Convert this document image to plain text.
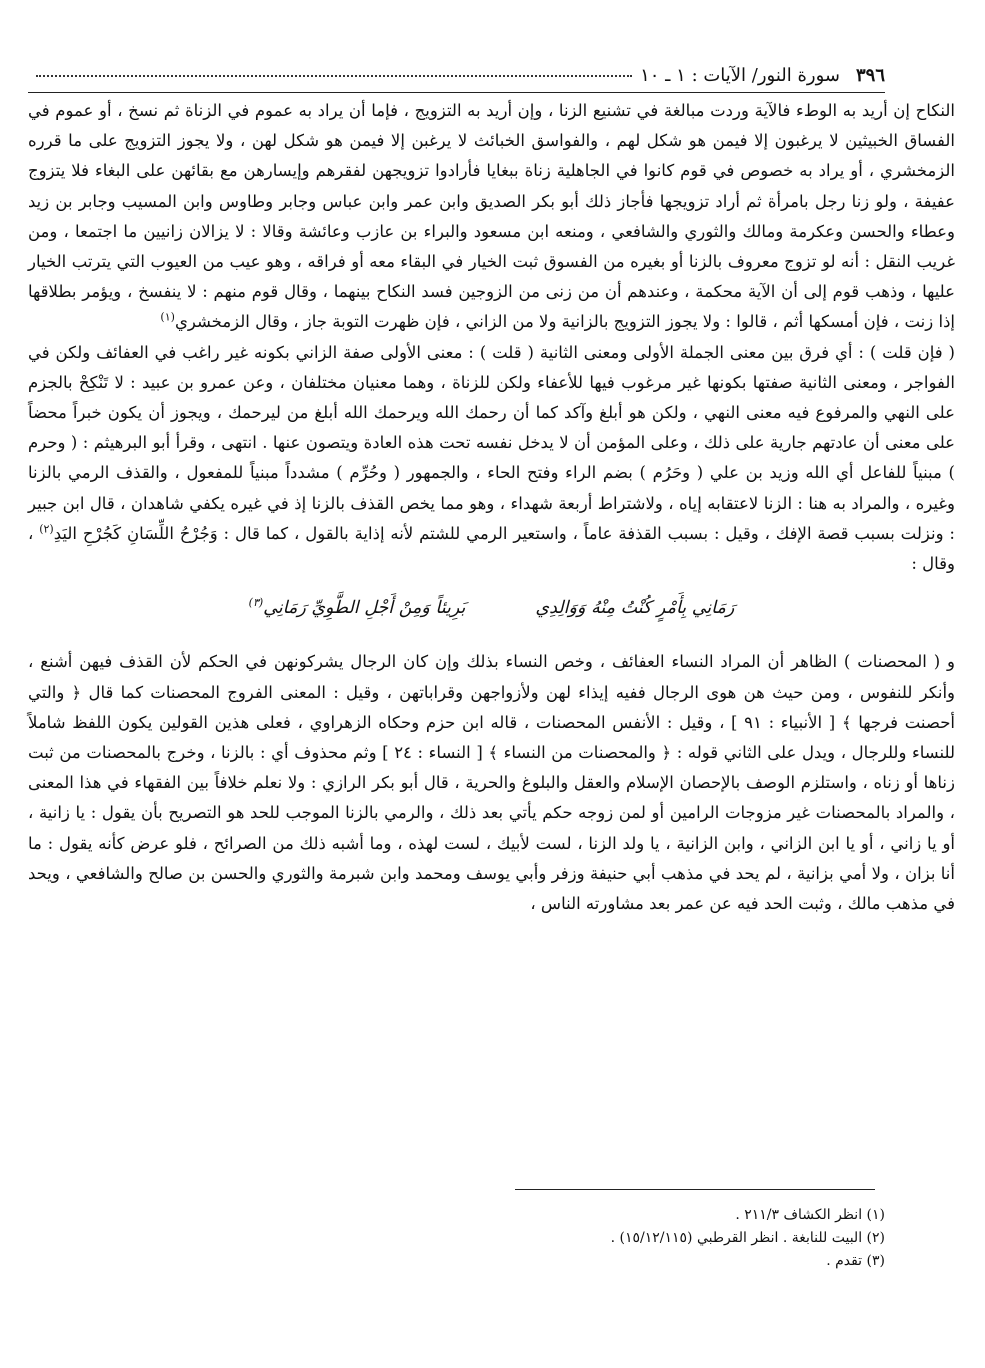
٣٩٦
سورة النور/ الآيات : ١ ـ ١٠

النكاح إن أريد به الوطء فالآية وردت مبالغة في تشنيع الزنا ، وإن أريد به التزويج ، فإما أن يراد به عموم في الزناة ثم نسخ ، أو عموم في الفساق الخبيثين لا يرغبون إلا فيمن هو شكل لهم ، والفواسق الخبائث لا يرغبن إلا فيمن هو شكل لهن ، ولا يجوز التزويج على ما قرره الزمخشري ، أو يراد به خصوص في قوم كانوا في الجاهلية زناة ببغايا فأرادوا تزويجهن لفقرهم وإيسارهن مع بقائهن على البغاء فلا يتزوج عفيفة ، ولو زنا رجل بامرأة ثم أراد تزويجها فأجاز ذلك أبو بكر الصديق وابن عمر وابن عباس وجابر وطاوس وابن المسيب وجابر بن زيد وعطاء والحسن وعكرمة ومالك والثوري والشافعي ، ومنعه ابن مسعود والبراء بن عازب وعائشة وقالا : لا يزالان زانيين ما اجتمعا ، ومن غريب النقل : أنه لو تزوج معروف بالزنا أو بغيره من الفسوق ثبت الخيار في البقاء معه أو فراقه ، وهو عيب من العيوب التي يترتب الخيار عليها ، وذهب قوم إلى أن الآية محكمة ، وعندهم أن من زنى من الزوجين فسد النكاح بينهما ، وقال قوم منهم : لا ينفسخ ، ويؤمر بطلاقها إذا زنت ، فإن أمسكها أثم ، قالوا : ولا يجوز التزويج بالزانية ولا من الزاني ، فإن ظهرت التوبة جاز ، وقال الزمخشري$^{(١)}$

( فإن قلت ) : أي فرق بين معنى الجملة الأولى ومعنى الثانية ( قلت ) : معنى الأولى صفة الزاني بكونه غير راغب في العفائف ولكن في الفواجر ، ومعنى الثانية صفتها بكونها غير مرغوب فيها للأعفاء ولكن للزناة ، وهما معنيان مختلفان ، وعن عمرو بن عبيد : لا تَنْكِحْ بالجزم على النهي والمرفوع فيه معنى النهي ، ولكن هو أبلغ وآكد كما أن رحمك الله ويرحمك الله أبلغ من ليرحمك ، ويجوز أن يكون خبراً محضاً على معنى أن عادتهم جارية على ذلك ، وعلى المؤمن أن لا يدخل نفسه تحت هذه العادة ويتصون عنها . انتهى ، وقرأ أبو البرهيثم : ( وحرم ) مبنياً للفاعل أي الله وزيد بن علي ( وحَرُم ) بضم الراء وفتح الحاء ، والجمهور ( وحُرِّم ) مشدداً مبنياً للمفعول ، والقذف الرمي بالزنا وغيره ، والمراد به هنا : الزنا لاعتقابه إياه ، ولاشتراط أربعة شهداء ، وهو مما يخص القذف بالزنا إذ في غيره يكفي شاهدان ، قال ابن جبير : ونزلت بسبب قصة الإفك ، وقيل : بسبب القذفة عاماً ، واستعير الرمي للشتم لأنه إذاية بالقول ، كما قال : وَجُرْحُ اللِّسَانِ كَجُرْحِ اليَدِ$^{(٢)}$ ، وقال :

رَمَانِي بِأَمْرٍ كُنْتُ مِنْهُ وَوَالِدِي
بَرِيئاً وَمِنْ أَجْلِ الطَّوِيِّ رَمَانِي$^{(٣)}$

و ( المحصنات ) الظاهر أن المراد النساء العفائف ، وخص النساء بذلك وإن كان الرجال يشركونهن في الحكم لأن القذف فيهن أشنع ، وأنكر للنفوس ، ومن حيث هن هوى الرجال ففيه إيذاء لهن ولأزواجهن وقراباتهن ، وقيل : المعنى الفروج المحصنات كما قال ﴿ والتي أحصنت فرجها ﴾ [ الأنبياء : ٩١ ] ، وقيل : الأنفس المحصنات ، قاله ابن حزم وحكاه الزهراوي ، فعلى هذين القولين يكون اللفظ شاملاً للنساء وللرجال ، ويدل على الثاني قوله : ﴿ والمحصنات من النساء ﴾ [ النساء : ٢٤ ] وثم محذوف أي : بالزنا ، وخرج بالمحصنات من ثبت زناها أو زناه ، واستلزم الوصف بالإحصان الإسلام والعقل والبلوغ والحرية ، قال أبو بكر الرازي : ولا نعلم خلافاً بين الفقهاء في هذا المعنى ، والمراد بالمحصنات غير مزوجات الرامين أو لمن زوجه حكم يأتي بعد ذلك ، والرمي بالزنا الموجب للحد هو التصريح بأن يقول : يا زانية ، أو يا زاني ، أو يا ابن الزاني ، وابن الزانية ، يا ولد الزنا ، لست لأبيك ، لست لهذه ، وما أشبه ذلك من الصرائح ، فلو عرض كأنه يقول : ما أنا بزان ، ولا أمي بزانية ، لم يحد في مذهب أبي حنيفة وزفر وأبي يوسف ومحمد وابن شبرمة والثوري والحسن بن صالح والشافعي ، ويحد في مذهب مالك ، وثبت الحد فيه عن عمر بعد مشاورته الناس ،

(١) انظر الكشاف ٢١١/٣ .
(٢) البيت للنابغة . انظر القرطبي (١٥/١٢/١١٥) .
(٣) تقدم .
